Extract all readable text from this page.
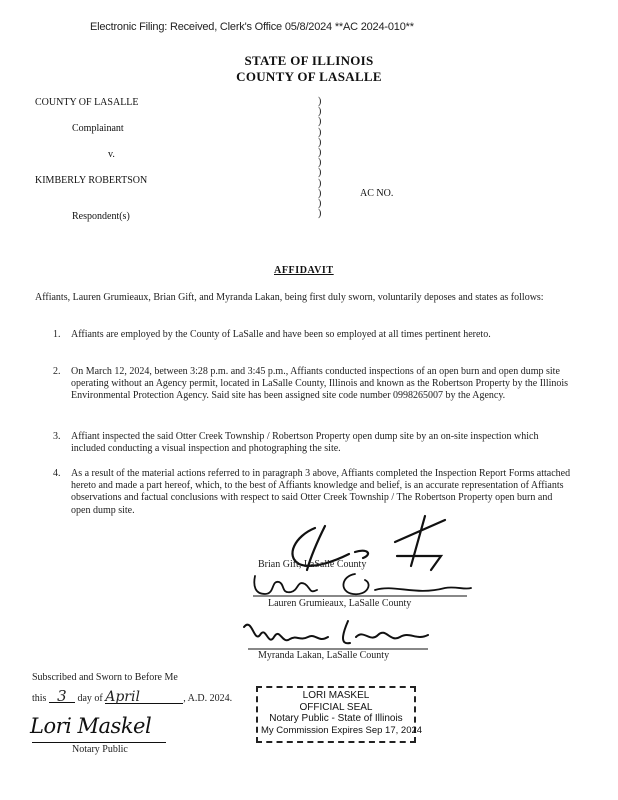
Electronic Filing: Received, Clerk's Office 05/8/2024 **AC 2024-010**
STATE OF ILLINOIS
COUNTY OF LASALLE
COUNTY OF LASALLE
Complainant
v.
KIMBERLY ROBERTSON
Respondent(s)
)
)
)
)
)
)
)
)
)
)
)
)
AC NO.
AFFIDAVIT
Affiants, Lauren Grumieaux, Brian Gift, and Myranda Lakan, being first duly sworn, voluntarily deposes and states as follows:
1. Affiants are employed by the County of LaSalle and have been so employed at all times pertinent hereto.
2. On March 12, 2024, between 3:28 p.m. and 3:45 p.m., Affiants conducted inspections of an open burn and open dump site operating without an Agency permit, located in LaSalle County, Illinois and known as the Robertson Property by the Illinois Environmental Protection Agency. Said site has been assigned site code number 0998265007 by the Agency.
3. Affiant inspected the said Otter Creek Township / Robertson Property open dump site by an on-site inspection which included conducting a visual inspection and photographing the site.
4. As a result of the material actions referred to in paragraph 3 above, Affiants completed the Inspection Report Forms attached hereto and made a part hereof, which, to the best of Affiants knowledge and belief, is an accurate representation of Affiants observations and factual conclusions with respect to said Otter Creek Township / The Robertson Property open burn and open dump site.
Brian Gift, LaSalle County
Lauren Grumieaux, LaSalle County
Myranda Lakan, LaSalle County
Subscribed and Sworn to Before Me
this 3 day of April	, A.D. 2024.
Lori Maskel
Notary Public
LORI MASKEL
OFFICIAL SEAL
Notary Public - State of Illinois
My Commission Expires Sep 17, 2024
